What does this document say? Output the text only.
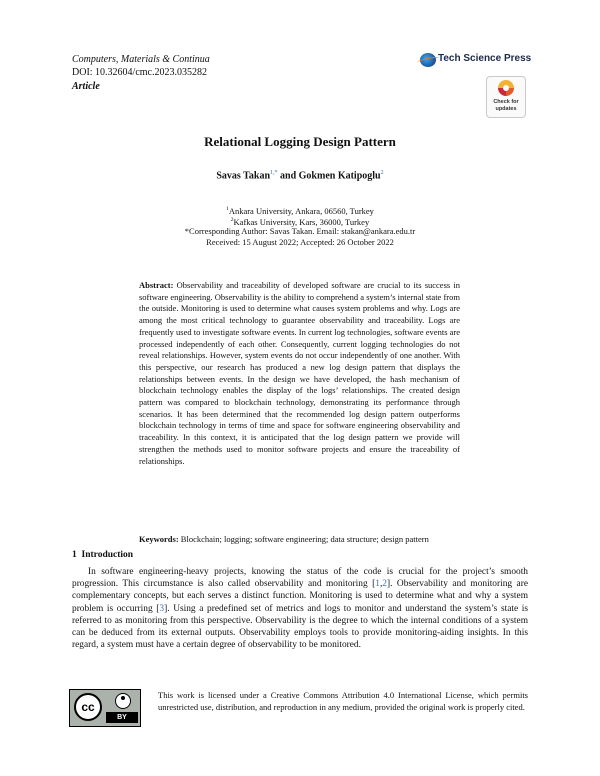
Computers, Materials & Continua
DOI: 10.32604/cmc.2023.035282
Article
Tech Science Press
Check for
updates
Relational Logging Design Pattern
Savas Takan$^{1,*}$ and Gokmen Katipoglu$^2$
$^1$Ankara University, Ankara, 06560, Turkey
$^2$Kafkas University, Kars, 36000, Turkey
*Corresponding Author: Savas Takan. Email: stakan@ankara.edu.tr
Received: 15 August 2022; Accepted: 26 October 2022
Abstract: Observability and traceability of developed software are crucial to its success in software engineering. Observability is the ability to comprehend a system’s internal state from the outside. Monitoring is used to determine what causes system problems and why. Logs are among the most critical technology to guarantee observability and traceability. Logs are frequently used to investigate software events. In current log technologies, software events are processed independently of each other. Consequently, current logging technologies do not reveal relationships. However, system events do not occur independently of one another. With this perspective, our research has produced a new log design pattern that displays the relationships between events. In the design we have developed, the hash mechanism of blockchain technology enables the display of the logs’ relationships. The created design pattern was compared to blockchain technology, demonstrating its performance through scenarios. It has been determined that the recommended log design pattern outperforms blockchain technology in terms of time and space for software engineering observability and traceability. In this context, it is anticipated that the log design pattern we provide will strengthen the methods used to monitor software projects and ensure the traceability of relationships.
Keywords: Blockchain; logging; software engineering; data structure; design pattern
1 Introduction
In software engineering-heavy projects, knowing the status of the code is crucial for the project’s smooth progression. This circumstance is also called observability and monitoring [1,2]. Observability and monitoring are complementary concepts, but each serves a distinct function. Monitoring is used to determine what and why a system problem is occurring [3]. Using a predefined set of metrics and logs to monitor and understand the system’s state is referred to as monitoring from this perspective. Observability is the degree to which the internal conditions of a system can be deduced from its external outputs. Observability employs tools to provide monitoring-aiding insights. In this regard, a system must have a certain degree of observability to be monitored.
cc
BY
This work is licensed under a Creative Commons Attribution 4.0 International License, which permits unrestricted use, distribution, and reproduction in any medium, provided the original work is properly cited.
